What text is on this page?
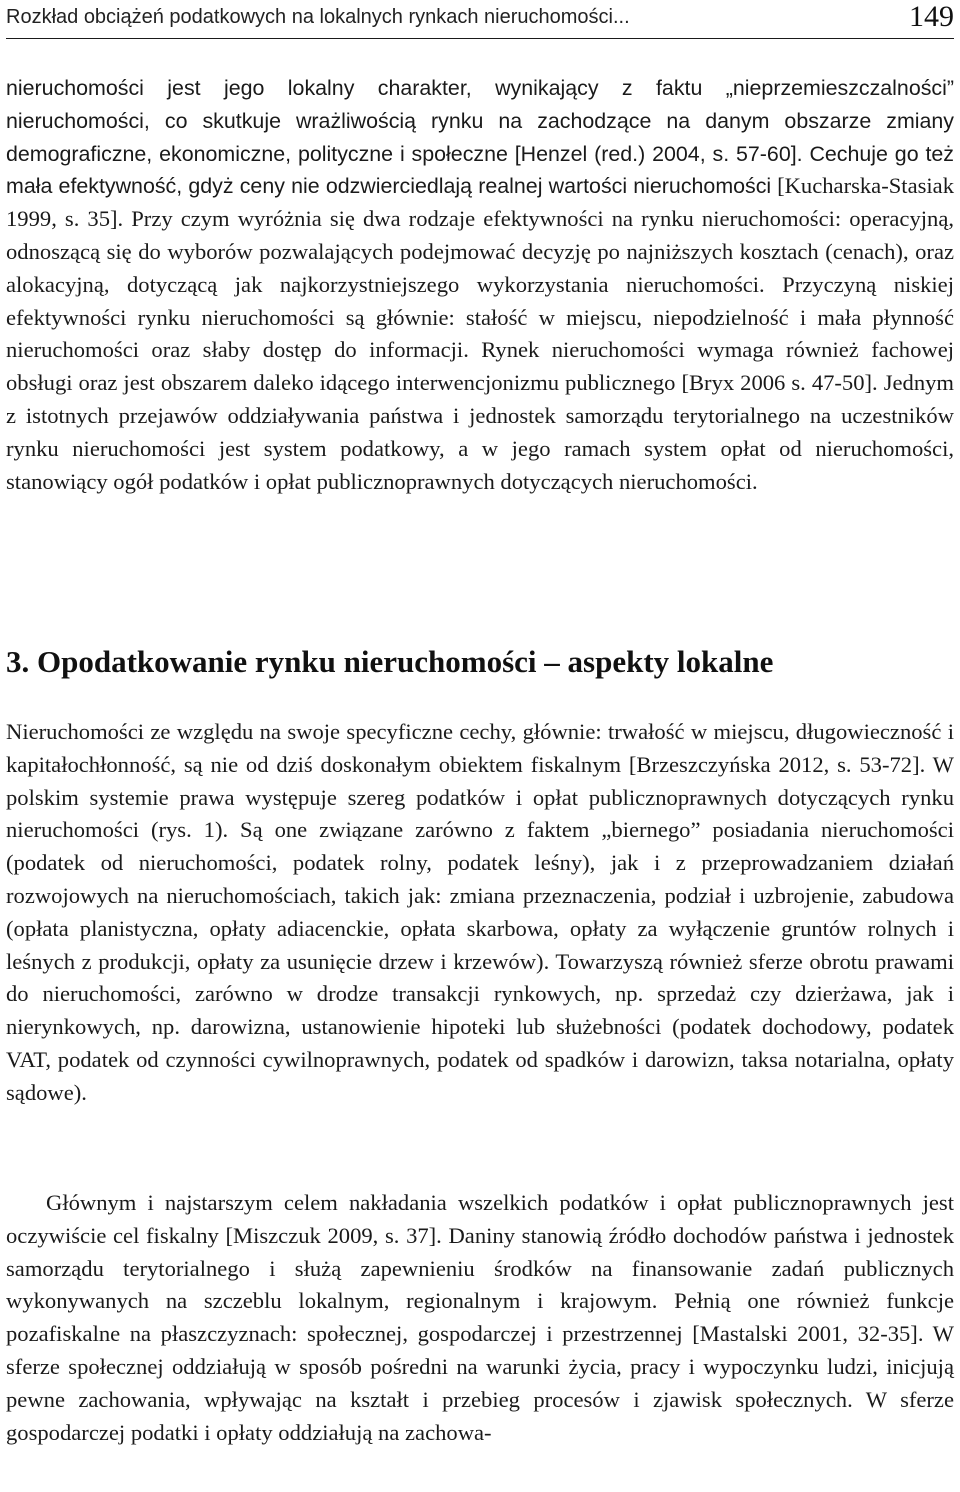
Rozkład obciążeń podatkowych na lokalnych rynkach nieruchomości...	149

nieruchomości jest jego lokalny charakter, wynikający z faktu „nieprzemieszczalności” nieruchomości, co skutkuje wrażliwością rynku na zachodzące na danym obszarze zmiany demograficzne, ekonomiczne, polityczne i społeczne [Henzel (red.) 2004, s. 57-60]. Cechuje go też mała efektywność, gdyż ceny nie odzwierciedlają realnej wartości nieruchomości [Kucharska-Stasiak 1999, s. 35]. Przy czym wyróżnia się dwa rodzaje efektywności na rynku nieruchomości: operacyjną, odnoszącą się do wyborów pozwalających podejmować decyzję po najniższych kosztach (cenach), oraz alokacyjną, dotyczącą jak najkorzystniejszego wykorzystania nieruchomości. Przyczyną niskiej efektywności rynku nieruchomości są głównie: stałość w miejscu, niepodzielność i mała płynność nieruchomości oraz słaby dostęp do informacji. Rynek nieruchomości wymaga również fachowej obsługi oraz jest obszarem daleko idącego interwencjonizmu publicznego [Bryx 2006 s. 47-50]. Jednym z istotnych przejawów oddziaływania państwa i jednostek samorządu terytorialnego na uczestników rynku nieruchomości jest system podatkowy, a w jego ramach system opłat od nieruchomości, stanowiący ogół podatków i opłat publicznoprawnych dotyczących nieruchomości.

3. Opodatkowanie rynku nieruchomości – aspekty lokalne

Nieruchomości ze względu na swoje specyficzne cechy, głównie: trwałość w miejscu, długowieczność i kapitałochłonność, są nie od dziś doskonałym obiektem fiskalnym [Brzeszczyńska 2012, s. 53-72]. W polskim systemie prawa występuje szereg podatków i opłat publicznoprawnych dotyczących rynku nieruchomości (rys. 1). Są one związane zarówno z faktem „biernego” posiadania nieruchomości (podatek od nieruchomości, podatek rolny, podatek leśny), jak i z przeprowadzaniem działań rozwojowych na nieruchomościach, takich jak: zmiana przeznaczenia, podział i uzbrojenie, zabudowa (opłata planistyczna, opłaty adiacenckie, opłata skarbowa, opłaty za wyłączenie gruntów rolnych i leśnych z produkcji, opłaty za usunięcie drzew i krzewów). Towarzyszą również sferze obrotu prawami do nieruchomości, zarówno w drodze transakcji rynkowych, np. sprzedaż czy dzierżawa, jak i nierynkowych, np. darowizna, ustanowienie hipoteki lub służebności (podatek dochodowy, podatek VAT, podatek od czynności cywilnoprawnych, podatek od spadków i darowizn, taksa notarialna, opłaty sądowe).

Głównym i najstarszym celem nakładania wszelkich podatków i opłat publicznoprawnych jest oczywiście cel fiskalny [Miszczuk 2009, s. 37]. Daniny stanowią źródło dochodów państwa i jednostek samorządu terytorialnego i służą zapewnieniu środków na finansowanie zadań publicznych wykonywanych na szczeblu lokalnym, regionalnym i krajowym. Pełnią one również funkcje pozafiskalne na płaszczyznach: społecznej, gospodarczej i przestrzennej [Mastalski 2001, 32-35]. W sferze społecznej oddziałują w sposób pośredni na warunki życia, pracy i wypoczynku ludzi, inicjują pewne zachowania, wpływając na kształt i przebieg procesów i zjawisk społecznych. W sferze gospodarczej podatki i opłaty oddziałują na zachowa-
